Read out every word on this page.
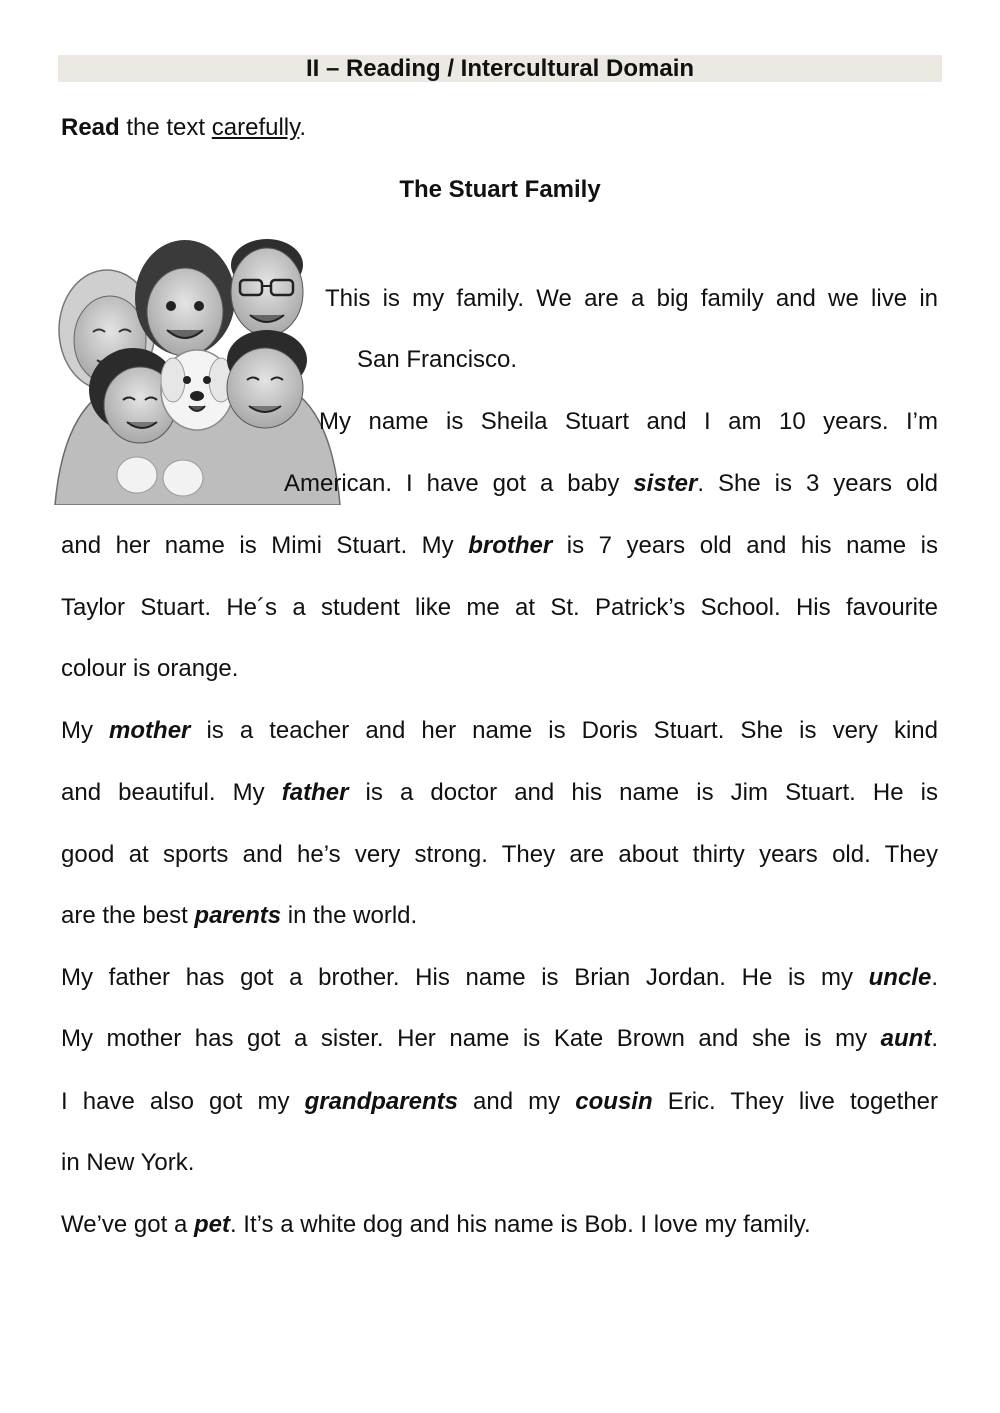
II – Reading / Intercultural Domain
Read the text carefully.
The Stuart Family
This is my family. We are a big family and we live in
San Francisco.
My name is Sheila Stuart and I am 10 years. I’m
American. I have got a baby sister. She is 3 years old
and her name is Mimi Stuart. My brother is 7 years old and his name is
Taylor Stuart. He´s a student like me at St. Patrick’s School. His favourite
colour is orange.
My mother is a teacher and her name is Doris Stuart. She is very kind
and beautiful. My father is a doctor and his name is Jim Stuart. He is
good at sports and he’s very strong. They are about thirty years old. They
are the best parents in the world.
My father has got a brother. His name is Brian Jordan. He is my uncle.
My mother has got a sister. Her name is Kate Brown and she is my aunt.
I have also got my grandparents and my cousin Eric. They live together
in New York.
We’ve got a pet. It’s a white dog and his name is Bob. I love my family.
